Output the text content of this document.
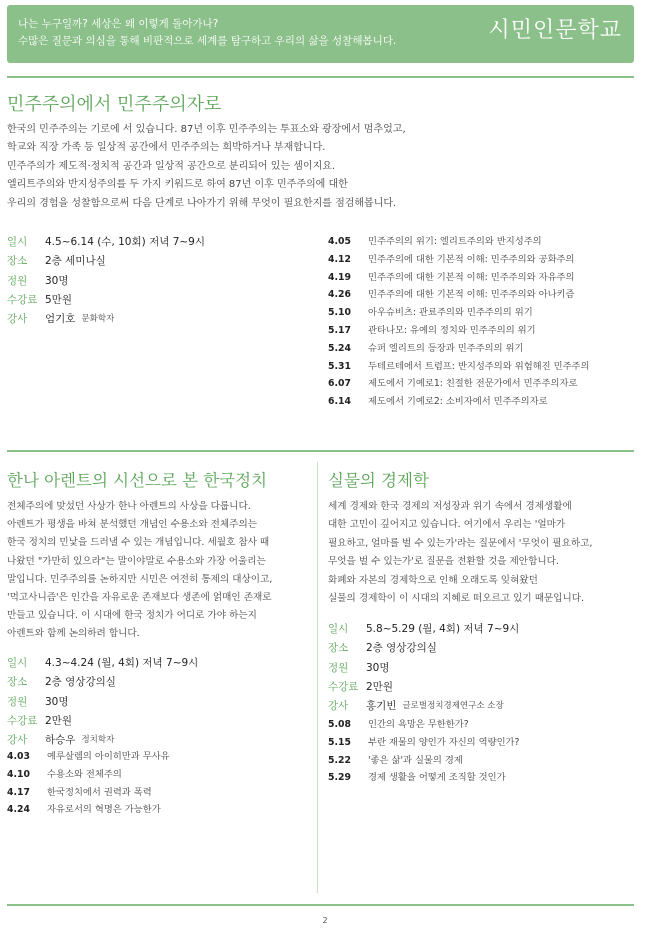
나는 누구일까? 세상은 왜 이렇게 돌아가나?
수많은 질문과 의심을 통해 비판적으로 세계를 탐구하고 우리의 삶을 성찰해봅니다.	시민인문학교
민주주의에서 민주주의자로
한국의 민주주의는 기로에 서 있습니다. 87년 이후 민주주의는 투표소와 광장에서 멈추었고,
학교와 직장 가족 등 일상적 공간에서 민주주의는 희박하거나 부재합니다.
민주주의가 제도적·정치적 공간과 일상적 공간으로 분리되어 있는 셈이지요.
엘리트주의와 반지성주의를 두 가지 키워드로 하여 87년 이후 민주주의에 대한
우리의 경험을 성찰함으로써 다음 단계로 나아가기 위해 무엇이 필요한지를 점검해봅니다.
일시	4.5~6.14 (수, 10회) 저녁 7~9시
장소	2층 세미나실
정원	30명
수강료 5만원
강사	엄기호 문화학자
4.05	민주주의의 위기: 엘리트주의와 반지성주의
4.12	민주주의에 대한 기본적 이해: 민주주의와 공화주의
4.19	민주주의에 대한 기본적 이해: 민주주의와 자유주의
4.26	민주주의에 대한 기본적 이해: 민주주의와 아나키즘
5.10	아우슈비츠: 관료주의와 민주주의의 위기
5.17	관타나모: 유예의 정치와 민주주의의 위기
5.24	슈퍼 엘리트의 등장과 민주주의의 위기
5.31	두테르테에서 트럼프: 반지성주의와 위험해진 민주주의
6.07	제도에서 기예로1: 친절한 전문가에서 민주주의자로
6.14	제도에서 기예로2: 소비자에서 민주주의자로
한나 아렌트의 시선으로 본 한국정치
전체주의에 맞섰던 사상가 한나 아렌트의 사상을 다룹니다.
아렌트가 평생을 바쳐 분석했던 개념인 수용소와 전체주의는
한국 정치의 민낯을 드러낼 수 있는 개념입니다. 세월호 참사 때
나왔던 "가만히 있으라"는 말이야말로 수용소와 가장 어울리는
말입니다. 민주주의를 논하지만 시민은 여전히 통제의 대상이고,
'먹고사니즘'은 인간을 자유로운 존재보다 생존에 얽매인 존재로
만들고 있습니다. 이 시대에 한국 정치가 어디로 가야 하는지
아렌트와 함께 논의하려 합니다.
일시	4.3~4.24 (월, 4회) 저녁 7~9시
장소	2층 영상강의실
정원	30명
수강료 2만원
강사	하승우 정치학자
4.03	예루살렘의 아이히만과 무사유
4.10	수용소와 전체주의
4.17	한국정치에서 권력과 폭력
4.24	자유로서의 혁명은 가능한가
실물의 경제학
세계 경제와 한국 경제의 저성장과 위기 속에서 경제생활에
대한 고민이 깊어지고 있습니다. 여기에서 우리는 '얼마가
필요하고, 얼마를 벌 수 있는가'라는 질문에서 '무엇이 필요하고,
무엇을 벌 수 있는가'로 질문을 전환할 것을 제안합니다.
화폐와 자본의 경제학으로 인해 오래도록 잊혀왔던
실물의 경제학이 이 시대의 지혜로 떠오르고 있기 때문입니다.
일시	5.8~5.29 (월, 4회) 저녁 7~9시
장소	2층 영상강의실
정원	30명
수강료 2만원
강사	홍기빈 글로벌정치경제연구소 소장
5.08	인간의 욕망은 무한한가?
5.15	부란 재물의 양인가 자신의 역량인가?
5.22	'좋은 삶'과 실물의 경제
5.29	경제 생활을 어떻게 조직할 것인가
2
